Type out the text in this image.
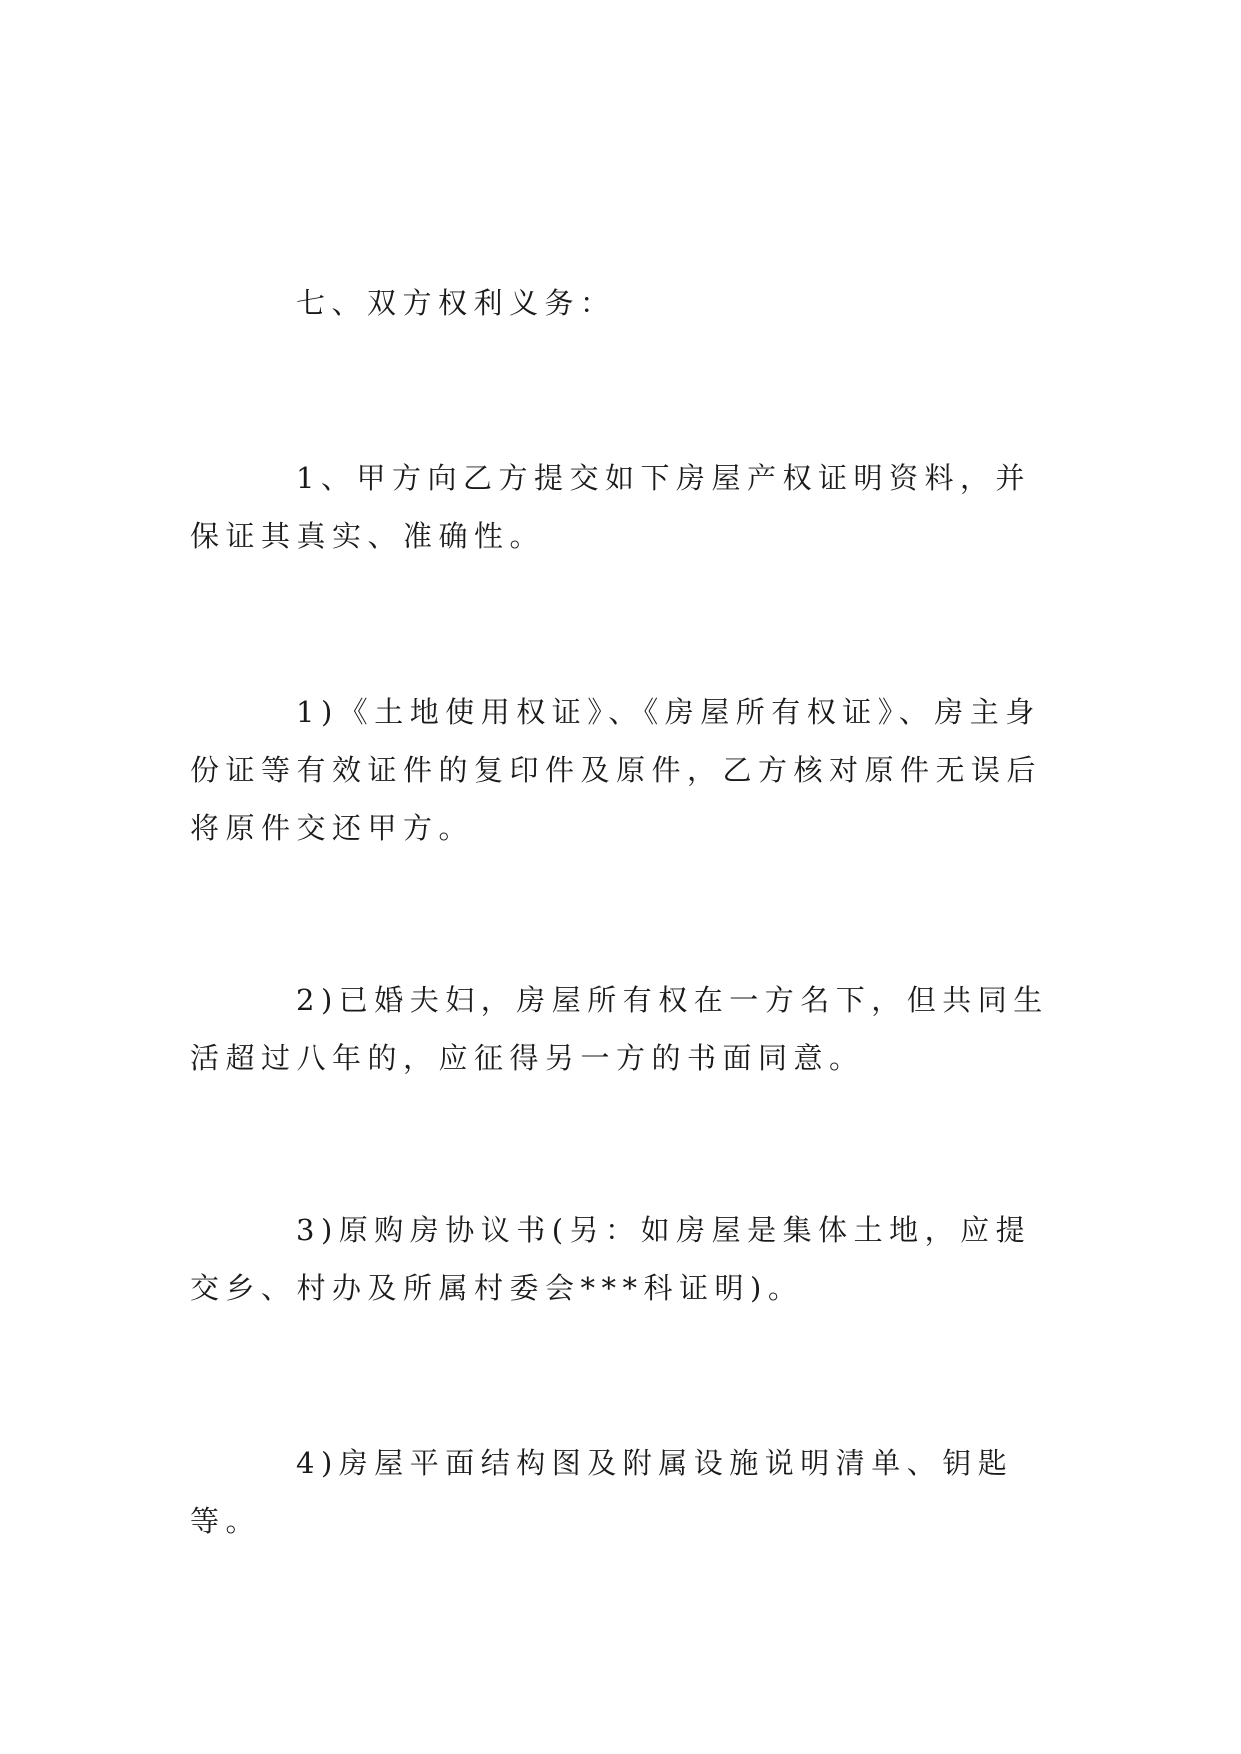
七、双方权利义务：

1、甲方向乙方提交如下房屋产权证明资料，并保证其真实、准确性。

1)《土地使用权证》、《房屋所有权证》、房主身份证等有效证件的复印件及原件，乙方核对原件无误后将原件交还甲方。

2)已婚夫妇，房屋所有权在一方名下，但共同生活超过八年的，应征得另一方的书面同意。

3)原购房协议书(另：如房屋是集体土地，应提交乡、村办及所属村委会***科证明)。

4)房屋平面结构图及附属设施说明清单、钥匙等。
